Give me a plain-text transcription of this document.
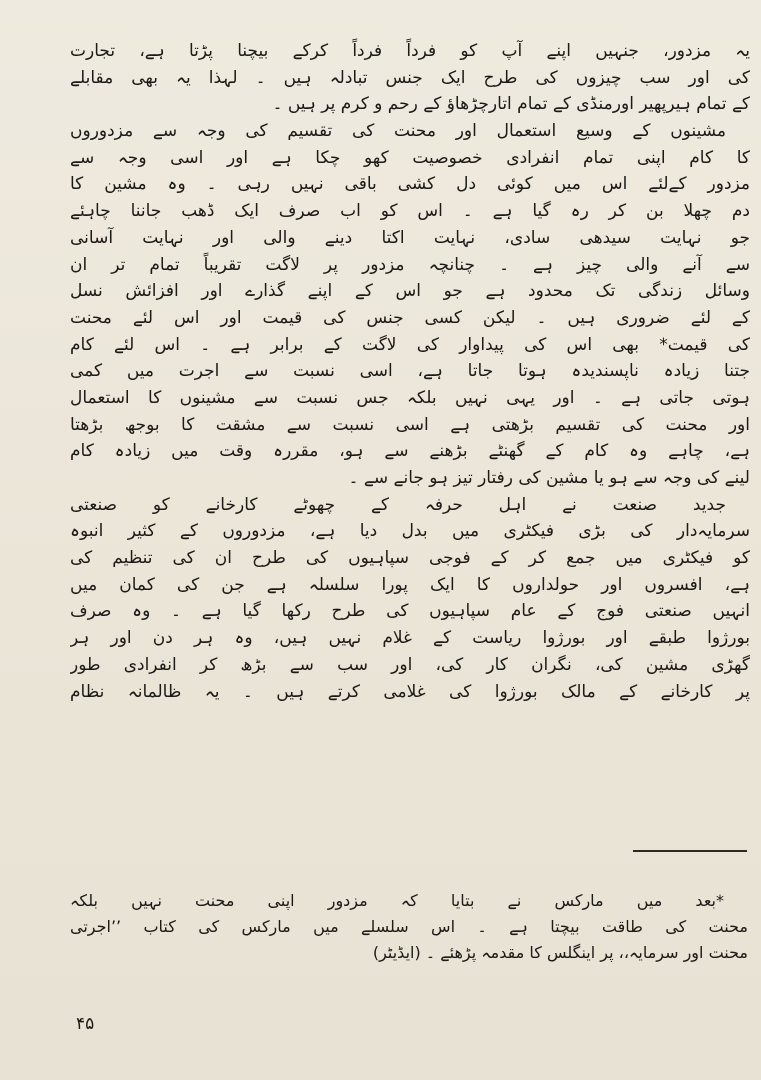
یہ مزدور، جنہیں اپنے آپ کو فرداً فرداً کرکے بیچنا پڑتا ہے، تجارت
کی اور سب چیزوں کی طرح ایک جنس تبادلہ ہیں ۔ لہذا یہ بھی مقابلے
کے تمام ہیرپھیر اورمنڈی کے تمام اتارچڑھاؤ کے رحم و کرم پر ہیں ۔
مشینوں کے وسیع استعمال اور محنت کی تقسیم کی وجہ سے مزدوروں
کا کام اپنی تمام انفرادی خصوصیت کھو چکا ہے اور اسی وجہ سے
مزدور کےلئے اس میں کوئی دل کشی باقی نہیں رہی ۔ وہ مشین کا
دم چھلا بن کر رہ گیا ہے ۔ اس کو اب صرف ایک ڈھب جاننا چاہئے
جو نہایت سیدھی سادی، نہایت اکتا دینے والی اور نہایت آسانی
سے آنے والی چیز ہے ۔ چنانچہ مزدور پر لاگت تقریباً تمام تر ان
وسائل زندگی تک محدود ہے جو اس کے اپنے گذارے اور افزائش نسل
کے لئے ضروری ہیں ۔ لیکن کسی جنس کی قیمت اور اس لئے محنت
کی قیمت* بھی اس کی پیداوار کی لاگت کے برابر ہے ۔ اس لئے کام
جتنا زیادہ ناپسندیدہ ہوتا جاتا ہے، اسی نسبت سے اجرت میں کمی
ہوتی جاتی ہے ۔ اور یہی نہیں بلکہ جس نسبت سے مشینوں کا استعمال
اور محنت کی تقسیم بڑھتی ہے اسی نسبت سے مشقت کا بوجھ بڑھتا
ہے، چاہے وہ کام کے گھنٹے بڑھنے سے ہو، مقررہ وقت میں زیادہ کام
لینے کی وجہ سے ہو یا مشین کی رفتار تیز ہو جانے سے ۔
جدید صنعت نے اہل حرفہ کے چھوٹے کارخانے کو صنعتی
سرمایہ‌دار کی بڑی فیکٹری میں بدل دیا ہے، مزدوروں کے کثیر انبوہ
کو فیکٹری میں جمع کر کے فوجی سپاہیوں کی طرح ان کی تنظیم کی
ہے، افسروں اور حولداروں کا ایک پورا سلسلہ ہے جن کی کمان میں
انہیں صنعتی فوج کے عام سپاہیوں کی طرح رکھا گیا ہے ۔ وہ صرف
بورژوا طبقے اور بورژوا ریاست کے غلام نہیں ہیں، وہ ہر دن اور ہر
گھڑی مشین کی، نگران کار کی، اور سب سے بڑھ کر انفرادی طور
پر کارخانے کے مالک بورژوا کی غلامی کرتے ہیں ۔ یہ ظالمانہ نظام
*بعد میں مارکس نے بتایا کہ مزدور اپنی محنت نہیں بلکہ
محنت کی طاقت بیچتا ہے ۔ اس سلسلے میں مارکس کی کتاب ’’اجرتی
محنت اور سرمایہ،، پر اینگلس کا مقدمہ پڑھئے ۔ (ایڈیٹر)
۴۵
